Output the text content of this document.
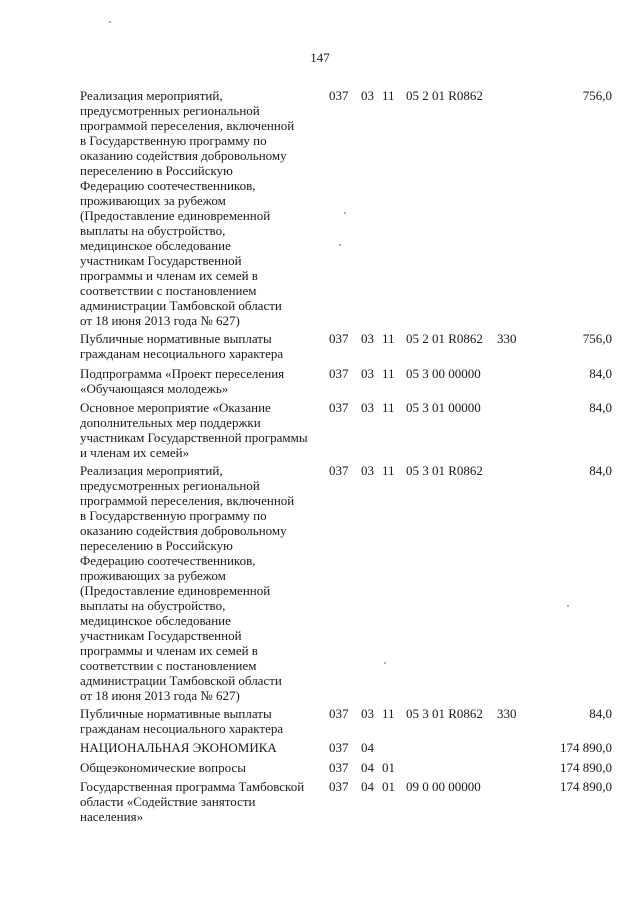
147
Реализация мероприятий,
предусмотренных региональной
программой переселения, включенной
в Государственную программу по
оказанию содействия добровольному
переселению в Российскую
Федерацию соотечественников,
проживающих за рубежом
(Предоставление единовременной
выплаты на обустройство,
медицинское обследование
участникам Государственной
программы и членам их семей в
соответствии с постановлением
администрации Тамбовской области
от 18 июня 2013 года № 627)
037 03 11 05 2 01 R0862	756,0
Публичные нормативные выплаты
гражданам несоциального характера
037 03 11 05 2 01 R0862 330	756,0
Подпрограмма «Проект переселения
«Обучающаяся молодежь»
037 03 11 05 3 00 00000	84,0
Основное мероприятие «Оказание
дополнительных мер поддержки
участникам Государственной программы
и членам их семей»
037 03 11 05 3 01 00000	84,0
Реализация мероприятий,
предусмотренных региональной
программой переселения, включенной
в Государственную программу по
оказанию содействия добровольному
переселению в Российскую
Федерацию соотечественников,
проживающих за рубежом
(Предоставление единовременной
выплаты на обустройство,
медицинское обследование
участникам Государственной
программы и членам их семей в
соответствии с постановлением
администрации Тамбовской области
от 18 июня 2013 года № 627)
037 03 11 05 3 01 R0862	84,0
Публичные нормативные выплаты
гражданам несоциального характера
037 03 11 05 3 01 R0862 330	84,0
НАЦИОНАЛЬНАЯ ЭКОНОМИКА	037 04	174 890,0
Общеэкономические вопросы	037 04 01	174 890,0
Государственная программа Тамбовской
области «Содействие занятости
населения»
037 04 01 09 0 00 00000	174 890,0
